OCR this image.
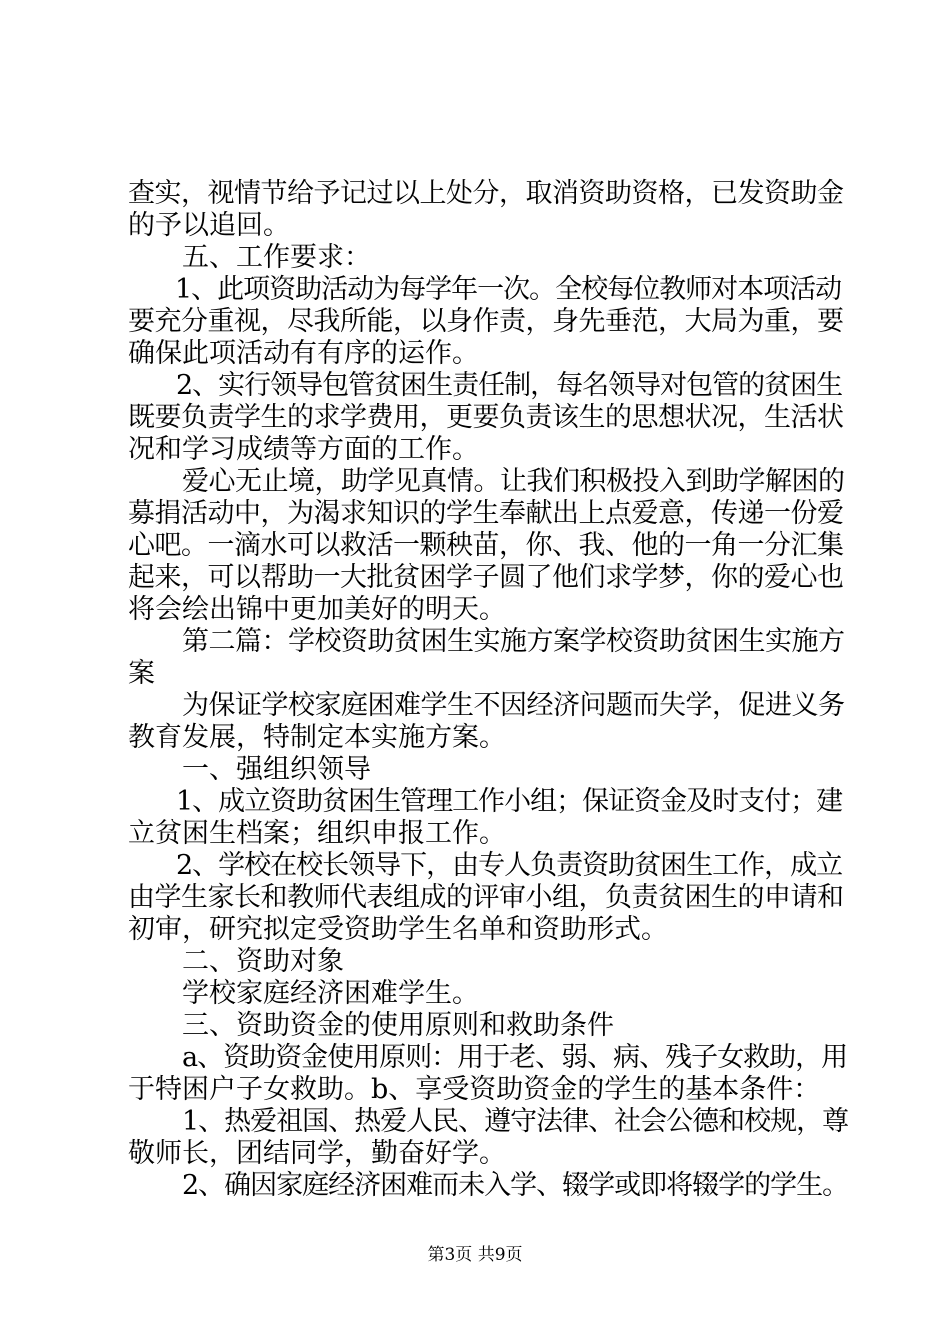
查实，视情节给予记过以上处分，取消资助资格，已发资助金
的予以追回。
五、工作要求：
1、此项资助活动为每学年一次。全校每位教师对本项活动
要充分重视，尽我所能，以身作责，身先垂范，大局为重，要
确保此项活动有有序的运作。
2、实行领导包管贫困生责任制，每名领导对包管的贫困生
既要负责学生的求学费用，更要负责该生的思想状况，生活状
况和学习成绩等方面的工作。
爱心无止境，助学见真情。让我们积极投入到助学解困的
募捐活动中，为渴求知识的学生奉献出上点爱意，传递一份爱
心吧。一滴水可以救活一颗秧苗，你、我、他的一角一分汇集
起来，可以帮助一大批贫困学子圆了他们求学梦，你的爱心也
将会绘出锦中更加美好的明天。
第二篇：学校资助贫困生实施方案学校资助贫困生实施方
案
为保证学校家庭困难学生不因经济问题而失学，促进义务
教育发展，特制定本实施方案。
一、强组织领导
1、成立资助贫困生管理工作小组；保证资金及时支付；建
立贫困生档案；组织申报工作。
2、学校在校长领导下，由专人负责资助贫困生工作，成立
由学生家长和教师代表组成的评审小组，负责贫困生的申请和
初审，研究拟定受资助学生名单和资助形式。
二、资助对象
学校家庭经济困难学生。
三、资助资金的使用原则和救助条件
a、资助资金使用原则：用于老、弱、病、残子女救助，用
于特困户子女救助。b、享受资助资金的学生的基本条件：
1、热爱祖国、热爱人民、遵守法律、社会公德和校规，尊
敬师长，团结同学，勤奋好学。
2、确因家庭经济困难而未入学、辍学或即将辍学的学生。
第3页 共9页
